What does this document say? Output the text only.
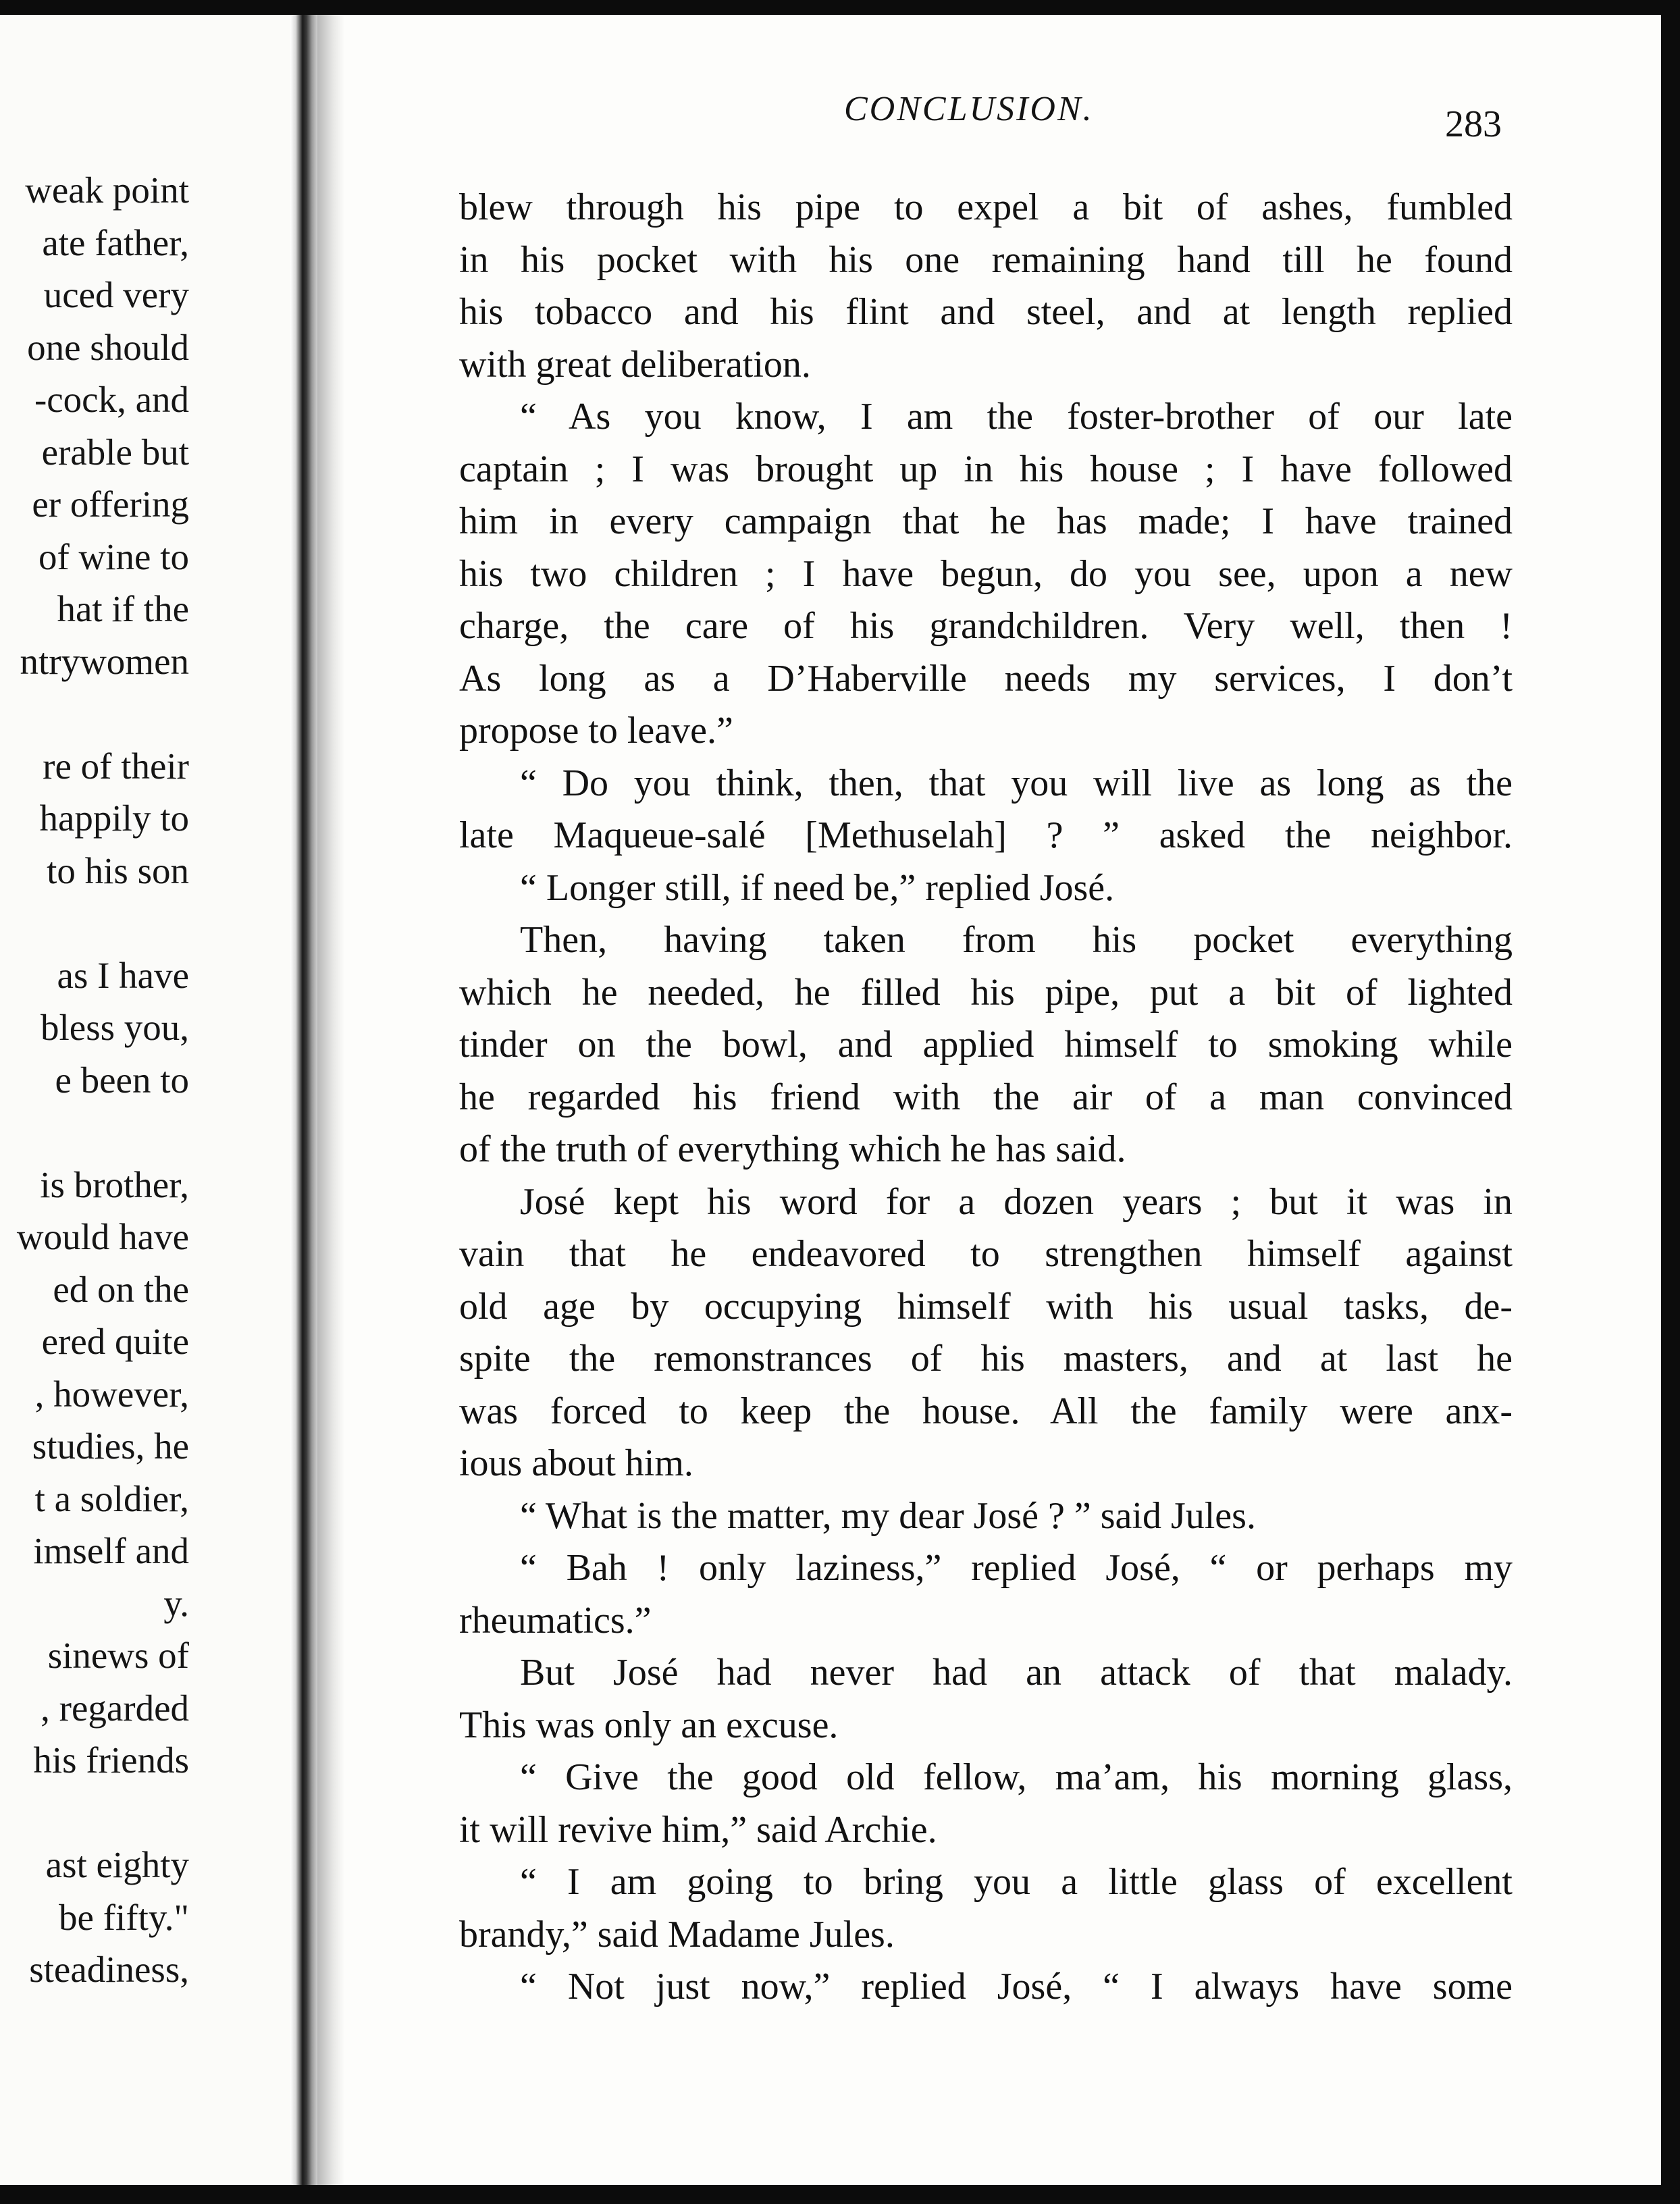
weak point
ate father,
uced very
one should
-cock, and
erable but
er offering
of wine to
hat if the
ntrywomen
re of their
happily to
to his son
as I have
bless you,
e been to
is brother,
would have
ed on the
ered quite
, however,
studies, he
t a soldier,
imself and
y.
sinews of
, regarded
his friends
ast eighty
be fifty."
steadiness,
CONCLUSION.	283
blew through his pipe to expel a bit of ashes, fumbled
in his pocket with his one remaining hand till he found
his tobacco and his flint and steel, and at length replied
with great deliberation.
“ As you know, I am the foster-brother of our late
captain ; I was brought up in his house ; I have followed
him in every campaign that he has made; I have trained
his two children ; I have begun, do you see, upon a new
charge, the care of his grandchildren. Very well, then !
As long as a D’Haberville needs my services, I don’t
propose to leave.”
“ Do you think, then, that you will live as long as the
late Maqueue-salé [Methuselah] ? ” asked the neighbor.
“ Longer still, if need be,” replied José.
Then, having taken from his pocket everything
which he needed, he filled his pipe, put a bit of lighted
tinder on the bowl, and applied himself to smoking while
he regarded his friend with the air of a man convinced
of the truth of everything which he has said.
José kept his word for a dozen years ; but it was in
vain that he endeavored to strengthen himself against
old age by occupying himself with his usual tasks, de-
spite the remonstrances of his masters, and at last he
was forced to keep the house. All the family were anx-
ious about him.
“ What is the matter, my dear José ? ” said Jules.
“ Bah ! only laziness,” replied José, “ or perhaps my
rheumatics.”
But José had never had an attack of that malady.
This was only an excuse.
“ Give the good old fellow, ma’am, his morning glass,
it will revive him,” said Archie.
“ I am going to bring you a little glass of excellent
brandy,” said Madame Jules.
“ Not just now,” replied José, “ I always have some
